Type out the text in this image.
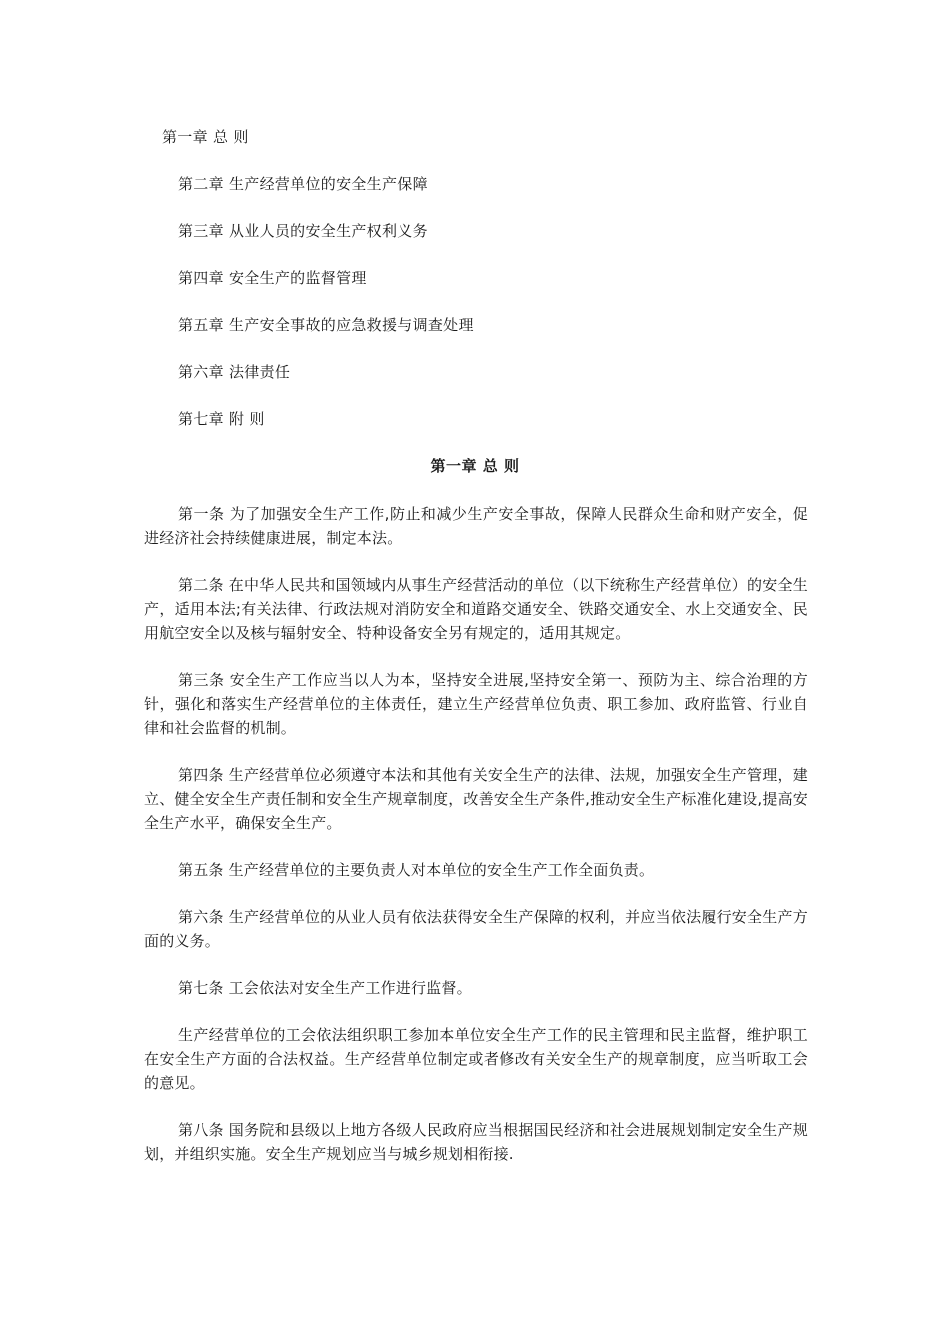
第一章 总 则
第二章 生产经营单位的安全生产保障
第三章 从业人员的安全生产权利义务
第四章 安全生产的监督管理
第五章 生产安全事故的应急救援与调查处理
第六章 法律责任
第七章 附 则
第一章 总 则

第一条 为了加强安全生产工作,防止和减少生产安全事故，保障人民群众生命和财产安全，促进经济社会持续健康进展，制定本法。

第二条 在中华人民共和国领域内从事生产经营活动的单位（以下统称生产经营单位）的安全生产，适用本法;有关法律、行政法规对消防安全和道路交通安全、铁路交通安全、水上交通安全、民用航空安全以及核与辐射安全、特种设备安全另有规定的，适用其规定。

第三条 安全生产工作应当以人为本，坚持安全进展,坚持安全第一、预防为主、综合治理的方针，强化和落实生产经营单位的主体责任，建立生产经营单位负责、职工参加、政府监管、行业自律和社会监督的机制。

第四条 生产经营单位必须遵守本法和其他有关安全生产的法律、法规，加强安全生产管理，建立、健全安全生产责任制和安全生产规章制度，改善安全生产条件,推动安全生产标准化建设,提高安全生产水平，确保安全生产。

第五条 生产经营单位的主要负责人对本单位的安全生产工作全面负责。

第六条 生产经营单位的从业人员有依法获得安全生产保障的权利，并应当依法履行安全生产方面的义务。

第七条 工会依法对安全生产工作进行监督。

生产经营单位的工会依法组织职工参加本单位安全生产工作的民主管理和民主监督，维护职工在安全生产方面的合法权益。生产经营单位制定或者修改有关安全生产的规章制度，应当听取工会的意见。

第八条 国务院和县级以上地方各级人民政府应当根据国民经济和社会进展规划制定安全生产规划，并组织实施。安全生产规划应当与城乡规划相衔接.
